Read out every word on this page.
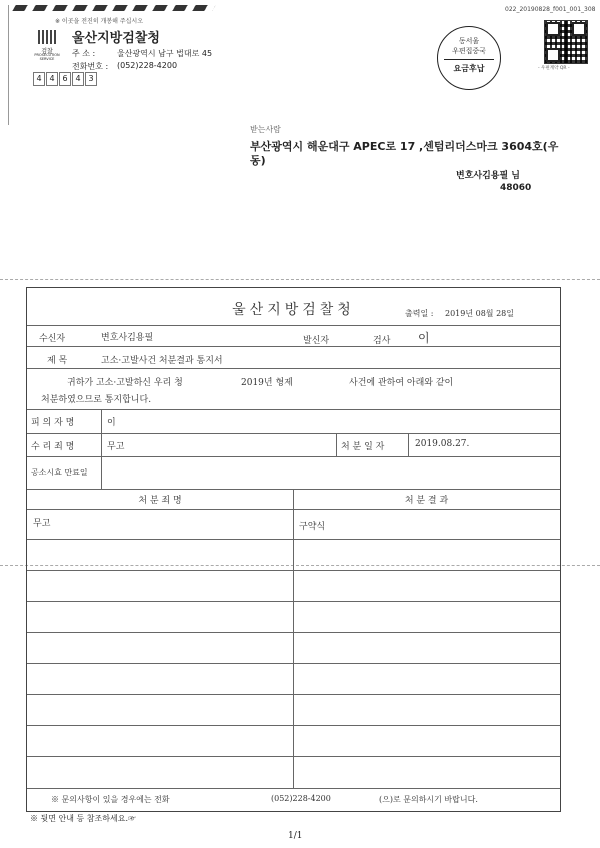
※ 이곳을 전진히 개봉해 주십시오
022_20190828_f001_001_308
검찰
PROSECUTION SERVICE
울산지방검찰청
주 소 :	울산광역시 남구 법대로 45
전화번호 : (052)228-4200
4 4 6 4 3
동서울
우편집중국
요금후납	- 우편계약 QR -
받는사람
부산광역시 해운대구 APEC로 17 ,센텀리더스마크 3604호(우
동)
변호사김용필 님
48060
울산지방검찰청	출력일 : 2019년 08월 28일
수신자	변호사김용필	발신자	검사 이
제 목	고소·고발사건 처분결과 통지서
귀하가 고소·고발하신 우리 청	2019년 형제	사건에 관하여 아래와 같이
처분하였으므로 통지합니다.
피 의 자 명	이
수 리 죄 명	무고	처 분 일 자	2019.08.27.
공소시효 만료일
처 분 죄 명	처 분 결 과
무고	구약식
※ 문의사항이 있을 경우에는 전화	(052)228-4200	(으)로 문의하시기 바랍니다.
※ 뒷면 안내 등 참조하세요.☞
1/1
